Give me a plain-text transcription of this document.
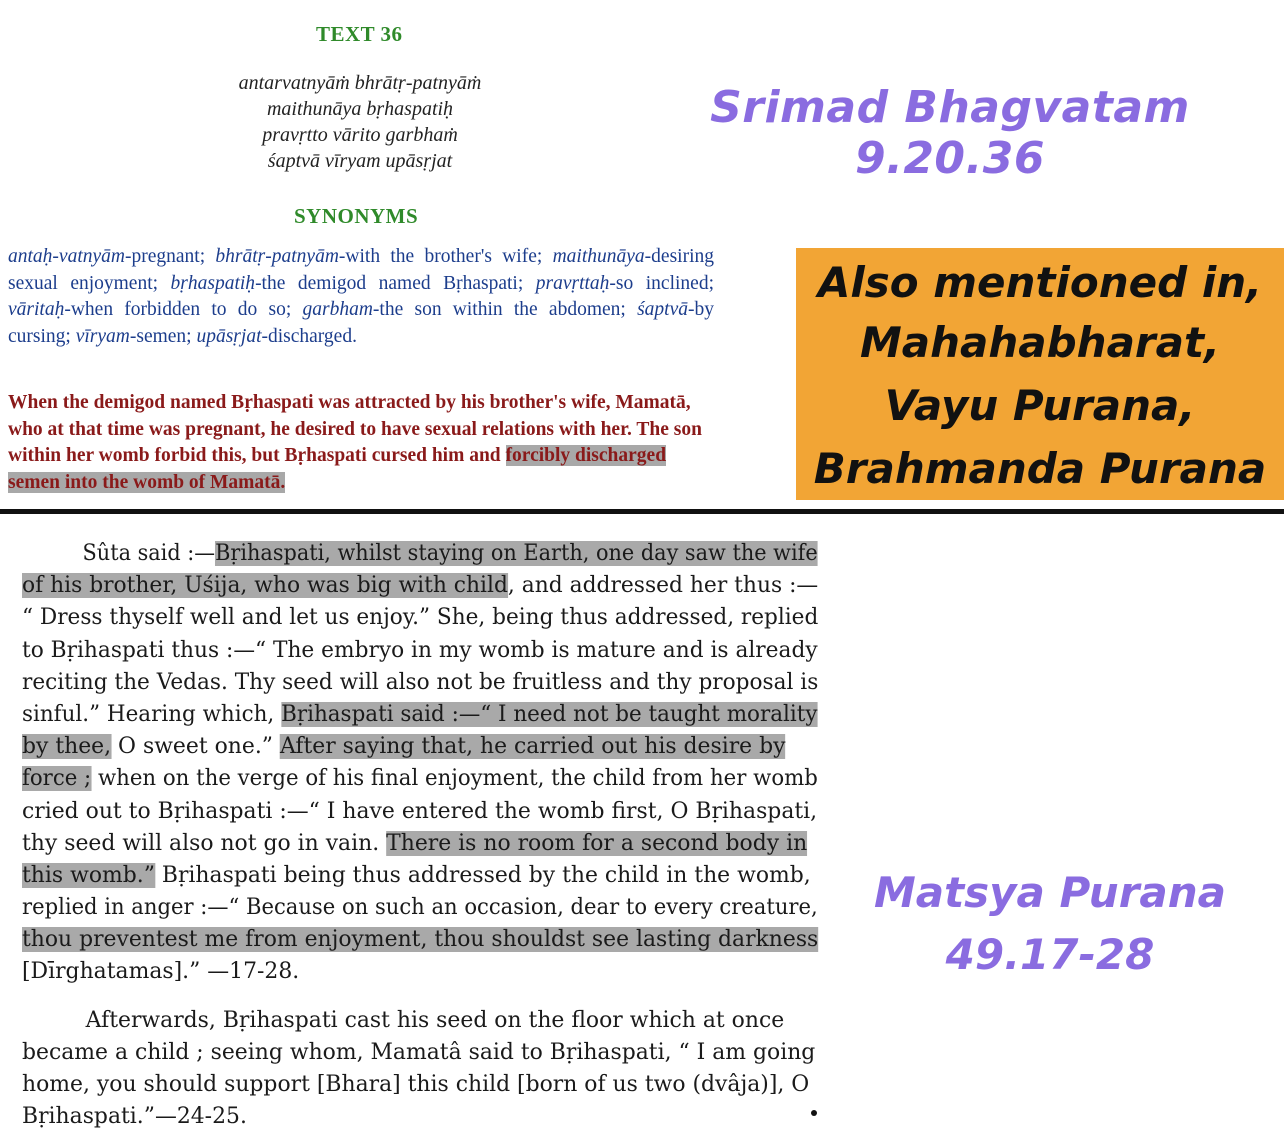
TEXT 36
antarvatnyāṁ bhrātṛ-patnyāṁ
maithunāya bṛhaspatiḥ
pravṛtto vārito garbhaṁ
śaptvā vīryam upāsṛjat
SYNONYMS
antaḥ-vatnyām-pregnant; bhrātṛ-patnyām-with the brother's wife; maithunāya-desiring sexual enjoyment; bṛhaspatiḥ-the demigod named Bṛhaspati; pravṛttaḥ-so inclined; vāritaḥ-when forbidden to do so; garbham-the son within the abdomen; śaptvā-by cursing; vīryam-semen; upāsṛjat-discharged.
When the demigod named Bṛhaspati was attracted by his brother's wife, Mamatā, who at that time was pregnant, he desired to have sexual relations with her. The son within her womb forbid this, but Bṛhaspati cursed him and forcibly discharged semen into the womb of Mamatā.
Srimad Bhagvatam 9.20.36
Also mentioned in,
Mahahabharat,
Vayu Purana,
Brahmanda Purana
Sûta said :—Bṛihaspati, whilst staying on Earth, one day saw the wife
of his brother, Uśija, who was big with child, and addressed her thus :—
“ Dress thyself well and let us enjoy.” She, being thus addressed, replied
to Bṛihaspati thus :—“ The embryo in my womb is mature and is already
reciting the Vedas. Thy seed will also not be fruitless and thy proposal is
sinful.” Hearing which, Bṛihaspati said :—“ I need not be taught morality
by thee, O sweet one.” After saying that, he carried out his desire by
force ; when on the verge of his final enjoyment, the child from her womb
cried out to Bṛihaspati :—“ I have entered the womb first, O Bṛihaspati,
thy seed will also not go in vain. There is no room for a second body in
this womb.” Bṛihaspati being thus addressed by the child in the womb,
replied in anger :—“ Because on such an occasion, dear to every creature,
thou preventest me from enjoyment, thou shouldst see lasting darkness
[Dīrghatamas].” —17-28.
Afterwards, Bṛihaspati cast his seed on the floor which at once
became a child ; seeing whom, Mamatâ said to Bṛihaspati, “ I am going
home, you should support [Bhara] this child [born of us two (dvâja)], O
Bṛihaspati.”—24-25.
Matsya Purana
49.17-28
